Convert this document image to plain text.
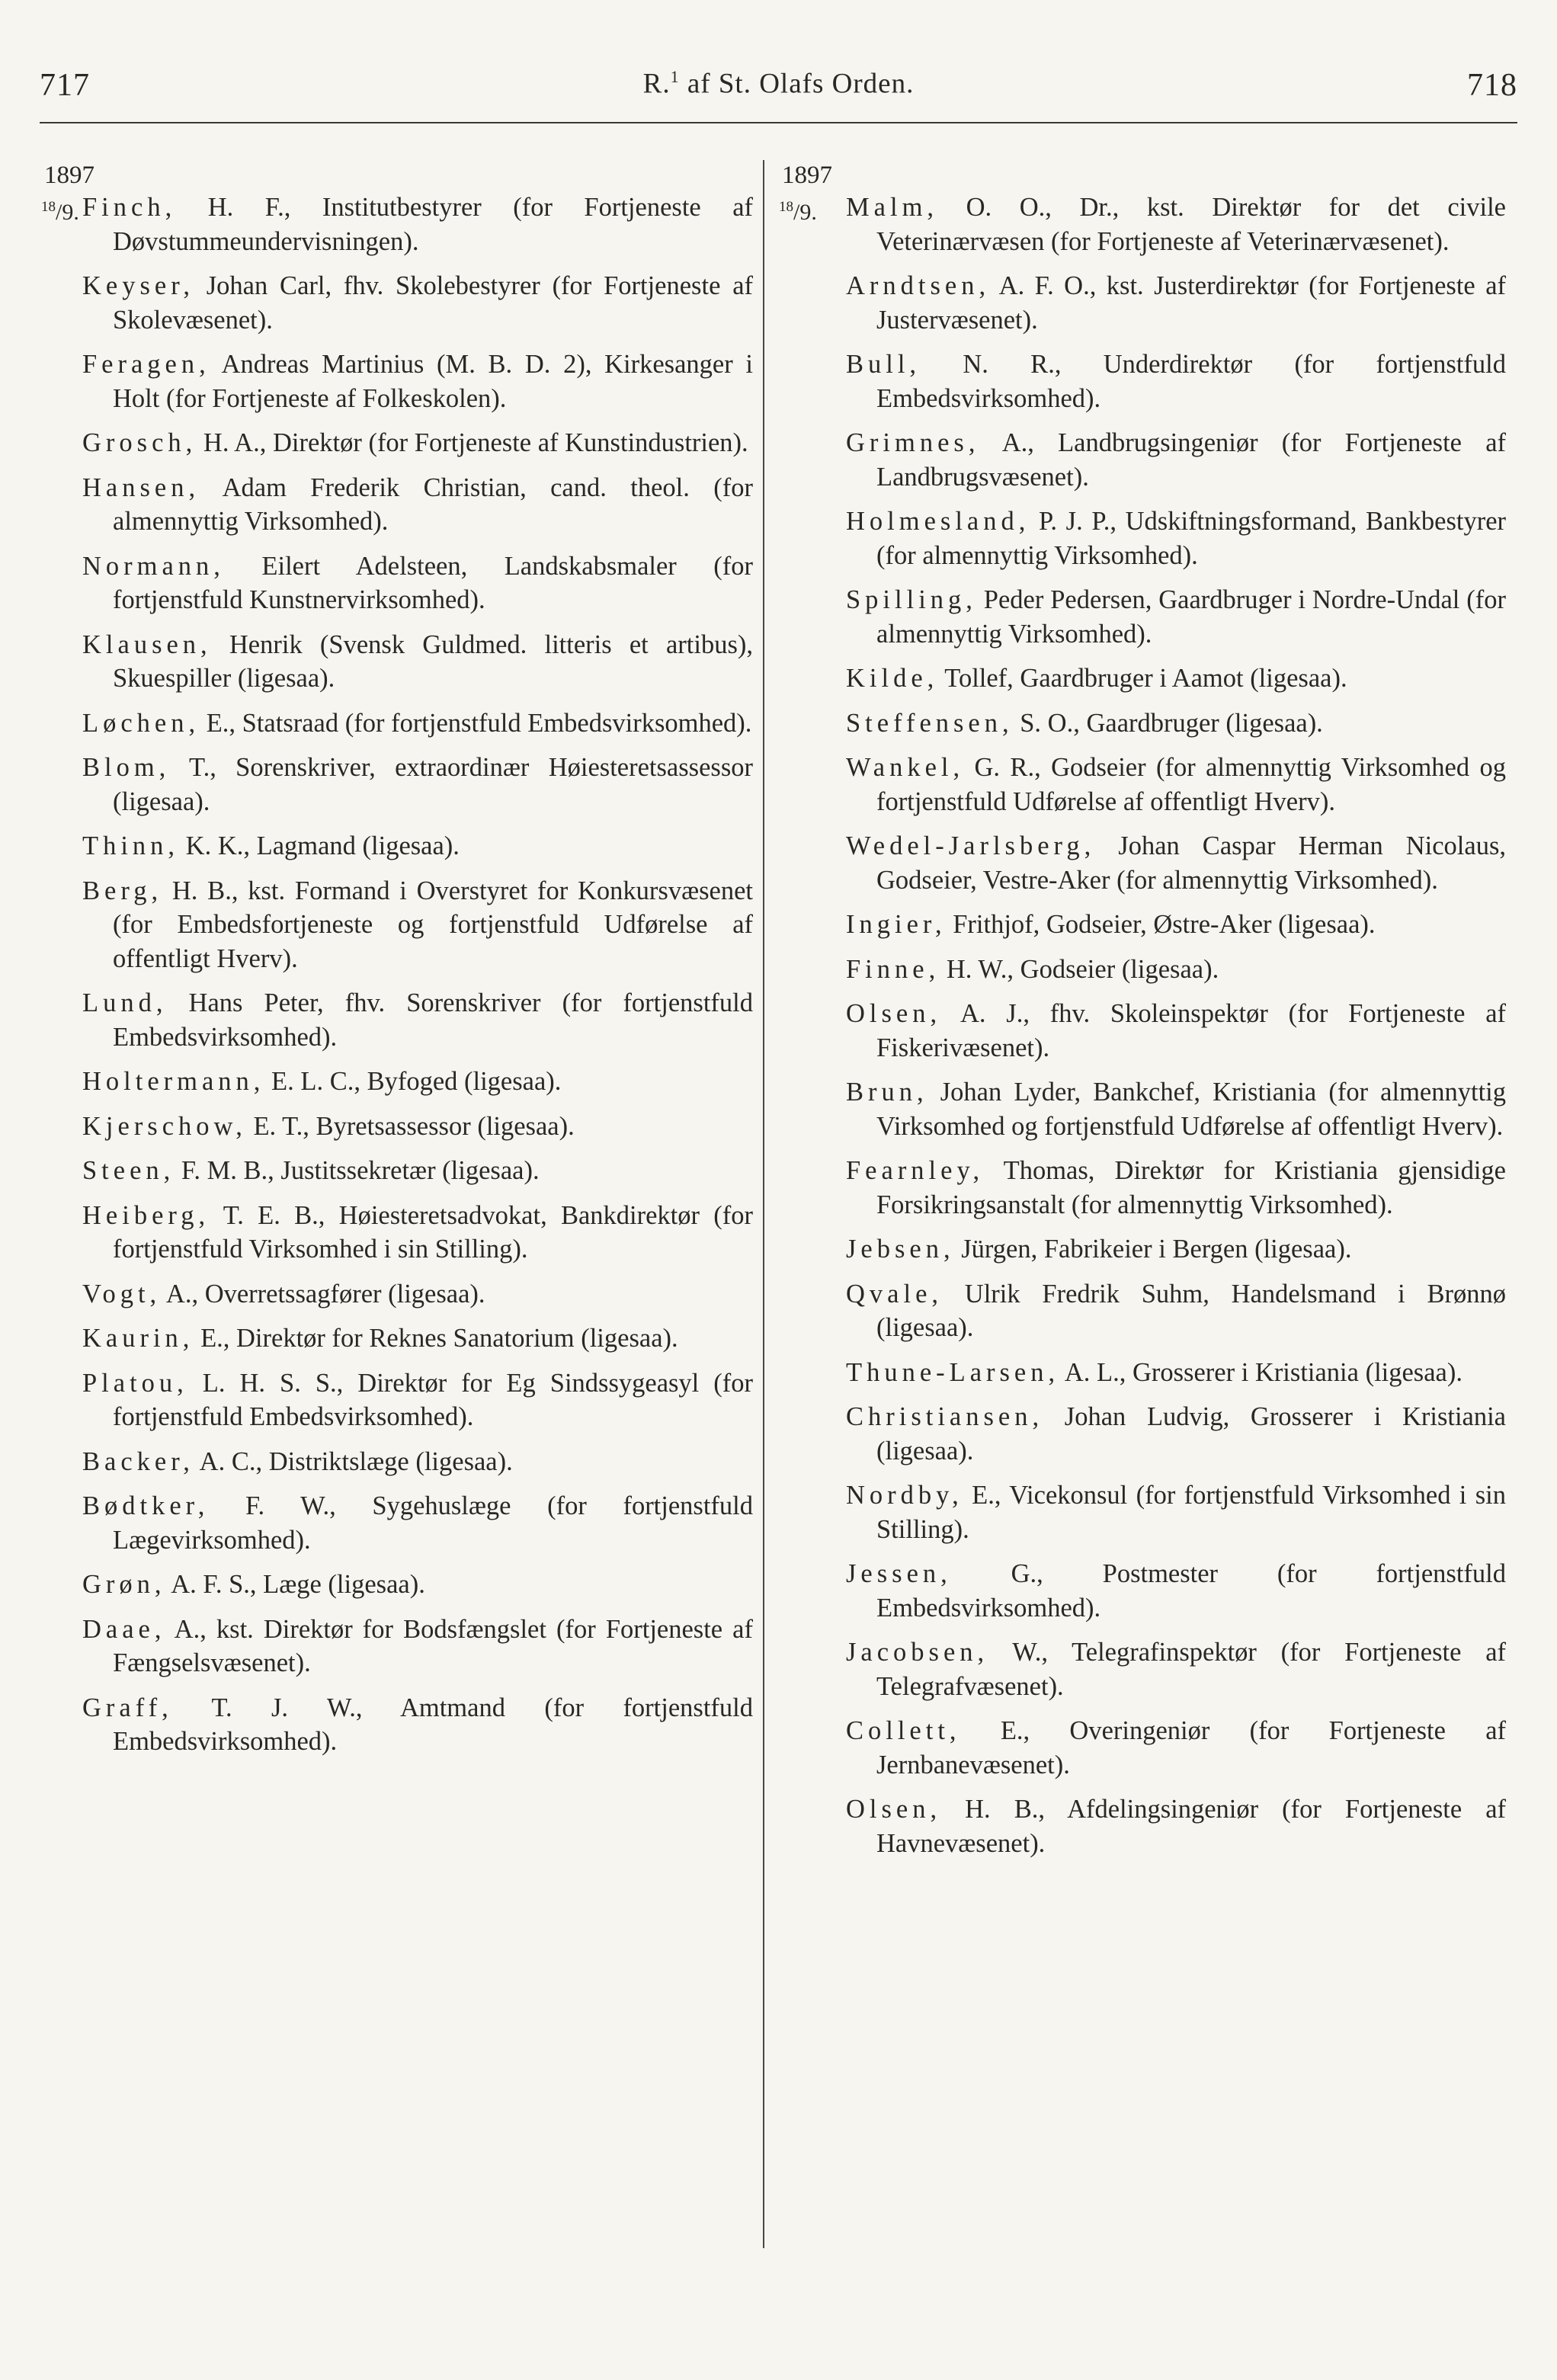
717	R.$^1$ af St. Olafs Orden.	718
1897
$^{18}$/9. Finch, H. F., Institutbestyrer (for Fortjeneste af Døvstummeundervisningen).
Keyser, Johan Carl, fhv. Skolebestyrer (for Fortjeneste af Skolevæsenet).
Feragen, Andreas Martinius (M. B. D. 2), Kirkesanger i Holt (for Fortjeneste af Folkeskolen).
Grosch, H. A., Direktør (for Fortjeneste af Kunstindustrien).
Hansen, Adam Frederik Christian, cand. theol. (for almennyttig Virksomhed).
Normann, Eilert Adelsteen, Landskabsmaler (for fortjenstfuld Kunstnervirksomhed).
Klausen, Henrik (Svensk Guldmed. litteris et artibus), Skuespiller (ligesaa).
Løchen, E., Statsraad (for fortjenstfuld Embedsvirksomhed).
Blom, T., Sorenskriver, extraordinær Høiesteretsassessor (ligesaa).
Thinn, K. K., Lagmand (ligesaa).
Berg, H. B., kst. Formand i Overstyret for Konkursvæsenet (for Embedsfortjeneste og fortjenstfuld Udførelse af offentligt Hverv).
Lund, Hans Peter, fhv. Sorenskriver (for fortjenstfuld Embedsvirksomhed).
Holtermann, E. L. C., Byfoged (ligesaa).
Kjerschow, E. T., Byretsassessor (ligesaa).
Steen, F. M. B., Justitssekretær (ligesaa).
Heiberg, T. E. B., Høiesteretsadvokat, Bankdirektør (for fortjenstfuld Virksomhed i sin Stilling).
Vogt, A., Overretssagfører (ligesaa).
Kaurin, E., Direktør for Reknes Sanatorium (ligesaa).
Platou, L. H. S. S., Direktør for Eg Sindssygeasyl (for fortjenstfuld Embedsvirksomhed).
Backer, A. C., Distriktslæge (ligesaa).
Bødtker, F. W., Sygehuslæge (for fortjenstfuld Lægevirksomhed).
Grøn, A. F. S., Læge (ligesaa).
Daae, A., kst. Direktør for Bodsfængslet (for Fortjeneste af Fængselsvæsenet).
Graff, T. J. W., Amtmand (for fortjenstfuld Embedsvirksomhed).
1897
$^{18}$/9. Malm, O. O., Dr., kst. Direktør for det civile Veterinærvæsen (for Fortjeneste af Veterinærvæsenet).
Arndtsen, A. F. O., kst. Justerdirektør (for Fortjeneste af Justervæsenet).
Bull, N. R., Underdirektør (for fortjenstfuld Embedsvirksomhed).
Grimnes, A., Landbrugsingeniør (for Fortjeneste af Landbrugsvæsenet).
Holmesland, P. J. P., Udskiftningsformand, Bankbestyrer (for almennyttig Virksomhed).
Spilling, Peder Pedersen, Gaardbruger i Nordre-Undal (for almennyttig Virksomhed).
Kilde, Tollef, Gaardbruger i Aamot (ligesaa).
Steffensen, S. O., Gaardbruger (ligesaa).
Wankel, G. R., Godseier (for almennyttig Virksomhed og fortjenstfuld Udførelse af offentligt Hverv).
Wedel-Jarlsberg, Johan Caspar Herman Nicolaus, Godseier, Vestre-Aker (for almennyttig Virksomhed).
Ingier, Frithjof, Godseier, Østre-Aker (ligesaa).
Finne, H. W., Godseier (ligesaa).
Olsen, A. J., fhv. Skoleinspektør (for Fortjeneste af Fiskerivæsenet).
Brun, Johan Lyder, Bankchef, Kristiania (for almennyttig Virksomhed og fortjenstfuld Udførelse af offentligt Hverv).
Fearnley, Thomas, Direktør for Kristiania gjensidige Forsikringsanstalt (for almennyttig Virksomhed).
Jebsen, Jürgen, Fabrikeier i Bergen (ligesaa).
Qvale, Ulrik Fredrik Suhm, Handelsmand i Brønnø (ligesaa).
Thune-Larsen, A. L., Grosserer i Kristiania (ligesaa).
Christiansen, Johan Ludvig, Grosserer i Kristiania (ligesaa).
Nordby, E., Vicekonsul (for fortjenstfuld Virksomhed i sin Stilling).
Jessen, G., Postmester (for fortjenstfuld Embedsvirksomhed).
Jacobsen, W., Telegrafinspektør (for Fortjeneste af Telegrafvæsenet).
Collett, E., Overingeniør (for Fortjeneste af Jernbanevæsenet).
Olsen, H. B., Afdelingsingeniør (for Fortjeneste af Havnevæsenet).
